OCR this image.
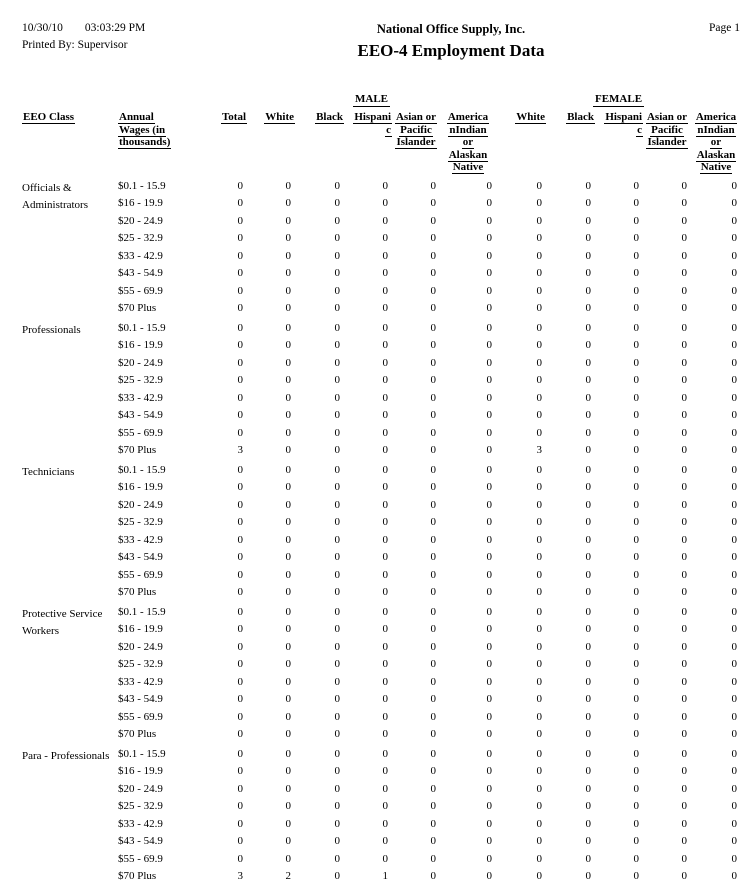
10/30/10 03:03:29 PM
Printed By: Supervisor
National Office Supply, Inc.
EEO-4 Employment Data
Page 1
MALE	FEMALE
EEO Class	Annual
Wages (in
thousands)
Total	White	Black	Hispani
c
Asian or
Pacific
Islander
America
nIndian
or
Alaskan
Native
White	Black	Hispani
c
Asian or
Pacific
Islander
America
nIndian
or
Alaskan
Native
Officials & Administrators
$0.1 - 15.9	0	0	0	0	0	0	0	0	0	0	0
$16 - 19.9	0	0	0	0	0	0	0	0	0	0	0
$20 - 24.9	0	0	0	0	0	0	0	0	0	0	0
$25 - 32.9	0	0	0	0	0	0	0	0	0	0	0
$33 - 42.9	0	0	0	0	0	0	0	0	0	0	0
$43 - 54.9	0	0	0	0	0	0	0	0	0	0	0
$55 - 69.9	0	0	0	0	0	0	0	0	0	0	0
$70 Plus	0	0	0	0	0	0	0	0	0	0	0
Professionals	$0.1 - 15.9	0	0	0	0	0	0	0	0	0	0	0
$16 - 19.9	0	0	0	0	0	0	0	0	0	0	0
$20 - 24.9	0	0	0	0	0	0	0	0	0	0	0
$25 - 32.9	0	0	0	0	0	0	0	0	0	0	0
$33 - 42.9	0	0	0	0	0	0	0	0	0	0	0
$43 - 54.9	0	0	0	0	0	0	0	0	0	0	0
$55 - 69.9	0	0	0	0	0	0	0	0	0	0	0
$70 Plus	3	0	0	0	0	0	3	0	0	0	0
Technicians	$0.1 - 15.9	0	0	0	0	0	0	0	0	0	0	0
$16 - 19.9	0	0	0	0	0	0	0	0	0	0	0
$20 - 24.9	0	0	0	0	0	0	0	0	0	0	0
$25 - 32.9	0	0	0	0	0	0	0	0	0	0	0
$33 - 42.9	0	0	0	0	0	0	0	0	0	0	0
$43 - 54.9	0	0	0	0	0	0	0	0	0	0	0
$55 - 69.9	0	0	0	0	0	0	0	0	0	0	0
$70 Plus	0	0	0	0	0	0	0	0	0	0	0
Protective Service Workers
$0.1 - 15.9	0	0	0	0	0	0	0	0	0	0	0
$16 - 19.9	0	0	0	0	0	0	0	0	0	0	0
$20 - 24.9	0	0	0	0	0	0	0	0	0	0	0
$25 - 32.9	0	0	0	0	0	0	0	0	0	0	0
$33 - 42.9	0	0	0	0	0	0	0	0	0	0	0
$43 - 54.9	0	0	0	0	0	0	0	0	0	0	0
$55 - 69.9	0	0	0	0	0	0	0	0	0	0	0
$70 Plus	0	0	0	0	0	0	0	0	0	0	0
Para - Professionals $0.1 - 15.9	0	0	0	0	0	0	0	0	0	0	0
$16 - 19.9	0	0	0	0	0	0	0	0	0	0	0
$20 - 24.9	0	0	0	0	0	0	0	0	0	0	0
$25 - 32.9	0	0	0	0	0	0	0	0	0	0	0
$33 - 42.9	0	0	0	0	0	0	0	0	0	0	0
$43 - 54.9	0	0	0	0	0	0	0	0	0	0	0
$55 - 69.9	0	0	0	0	0	0	0	0	0	0	0
$70 Plus	3	2	0	1	0	0	0	0	0	0	0
